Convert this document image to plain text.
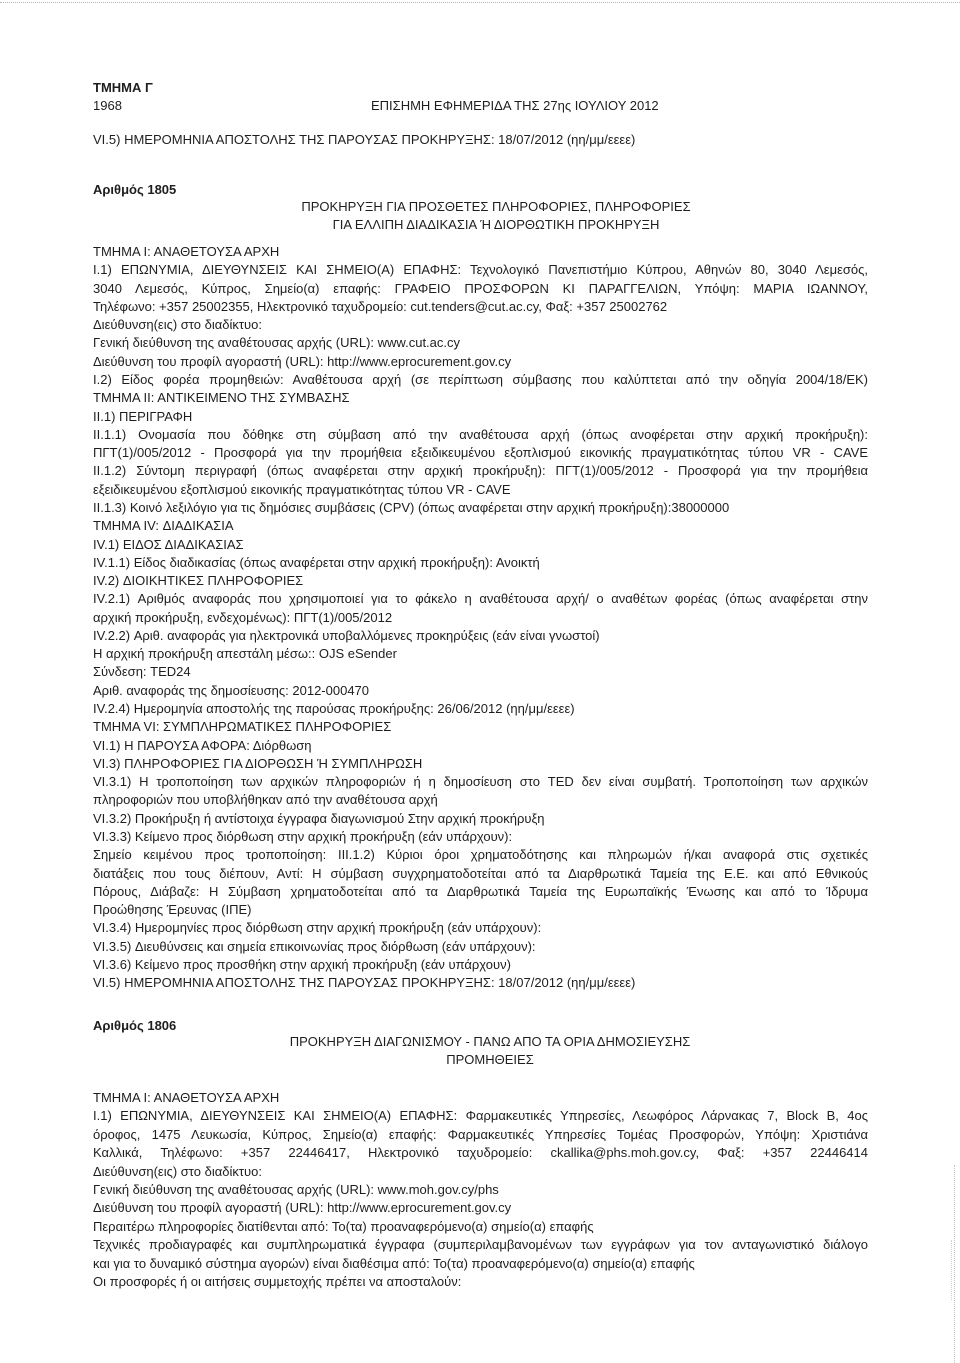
ΤΜΗΜΑ Γ
1968	ΕΠΙΣΗΜΗ ΕΦΗΜΕΡΙΔΑ ΤΗΣ 27ης ΙΟΥΛΙΟΥ 2012
VI.5) ΗΜΕΡΟΜΗΝΙΑ ΑΠΟΣΤΟΛΗΣ ΤΗΣ ΠΑΡΟΥΣΑΣ ΠΡΟΚΗΡΥΞΗΣ: 18/07/2012 (ηη/μμ/εεεε)
Αριθμός 1805
ΠΡΟΚΗΡΥΞΗ ΓΙΑ ΠΡΟΣΘΕΤΕΣ ΠΛΗΡΟΦΟΡΙΕΣ, ΠΛΗΡΟΦΟΡΙΕΣ
ΓΙΑ ΕΛΛΙΠΗ ΔΙΑΔΙΚΑΣΙΑ Ή ΔΙΟΡΘΩΤΙΚΗ ΠΡΟΚΗΡΥΞΗ
ΤΜΗΜΑ Ι: ΑΝΑΘΕΤΟΥΣΑ ΑΡΧΗ
Ι.1) ΕΠΩΝΥΜΙΑ, ΔΙΕΥΘΥΝΣΕΙΣ ΚΑΙ ΣΗΜΕΙΟ(Α) ΕΠΑΦΗΣ: Τεχνολογικό Πανεπιστήμιο Κύπρου, Αθηνών 80, 3040 Λεμεσός,
3040 Λεμεσός, Κύπρος, Σημείο(α) επαφής: ΓΡΑΦΕΙΟ ΠΡΟΣΦΟΡΩΝ ΚΙ ΠΑΡΑΓΓΕΛΙΩΝ, Υπόψη: ΜΑΡΙΑ ΙΩΑΝΝΟΥ,
Τηλέφωνο: +357 25002355, Ηλεκτρονικό ταχυδρομείο: cut.tenders@cut.ac.cy, Φαξ: +357 25002762
Διεύθυνση(εις) στο διαδίκτυο:
Γενική διεύθυνση της αναθέτουσας αρχής (URL): www.cut.ac.cy
Διεύθυνση του προφίλ αγοραστή (URL): http://www.eprocurement.gov.cy
Ι.2) Είδος φορέα προμηθειών: Αναθέτουσα αρχή (σε περίπτωση σύμβασης που καλύπτεται από την οδηγία 2004/18/ΕΚ)
ΤΜΗΜΑ ΙΙ: ΑΝΤΙΚΕΙΜΕΝΟ ΤΗΣ ΣΥΜΒΑΣΗΣ
ΙΙ.1) ΠΕΡΙΓΡΑΦΗ
ΙΙ.1.1) Ονομασία που δόθηκε στη σύμβαση από την αναθέτουσα αρχή (όπως ανοφέρεται στην αρχική προκήρυξη):
ΠΓΤ(1)/005/2012 - Προσφορά για την προμήθεια εξειδικευμένου εξοπλισμού εικονικής πραγματικότητας τύπου VR - CAVE
ΙΙ.1.2) Σύντομη περιγραφή (όπως αναφέρεται στην αρχική προκήρυξη): ΠΓΤ(1)/005/2012 - Προσφορά για την προμήθεια
εξειδικευμένου εξοπλισμού εικονικής πραγματικότητας τύπου VR - CAVE
ΙΙ.1.3) Κοινό λεξιλόγιο για τις δημόσιες συμβάσεις (CPV) (όπως αναφέρεται στην αρχική προκήρυξη):38000000
ΤΜΗΜΑ IV: ΔΙΑΔΙΚΑΣΙΑ
IV.1) ΕΙΔΟΣ ΔΙΑΔΙΚΑΣΙΑΣ
IV.1.1) Είδος διαδικασίας (όπως αναφέρεται στην αρχική προκήρυξη): Ανοικτή
IV.2) ΔΙΟΙΚΗΤΙΚΕΣ ΠΛΗΡΟΦΟΡΙΕΣ
IV.2.1) Αριθμός αναφοράς που χρησιμοποιεί για το φάκελο η αναθέτουσα αρχή/ ο αναθέτων φορέας (όπως αναφέρεται στην
αρχική προκήρυξη, ενδεχομένως): ΠΓΤ(1)/005/2012
IV.2.2) Αριθ. αναφοράς για ηλεκτρονικά υποβαλλόμενες προκηρύξεις (εάν είναι γνωστοί)
Η αρχική προκήρυξη απεστάλη μέσω:: OJS eSender
Σύνδεση: TED24
Αριθ. αναφοράς της δημοσίευσης: 2012-000470
IV.2.4) Ημερομηνία αποστολής της παρούσας προκήρυξης: 26/06/2012 (ηη/μμ/εεεε)
ΤΜΗΜΑ VI: ΣΥΜΠΛΗΡΩΜΑΤΙΚΕΣ ΠΛΗΡΟΦΟΡΙΕΣ
VI.1) Η ΠΑΡΟΥΣΑ ΑΦΟΡΑ: Διόρθωση
VI.3) ΠΛΗΡΟΦΟΡΙΕΣ ΓΙΑ ΔΙΟΡΘΩΣΗ Ή ΣΥΜΠΛΗΡΩΣΗ
VI.3.1) Η τροποποίηση των αρχικών πληροφοριών ή η δημοσίευση στο TED δεν είναι συμβατή. Τροποποίηση των αρχικών
πληροφοριών που υποβλήθηκαν από την αναθέτουσα αρχή
VI.3.2) Προκήρυξη ή αντίστοιχα έγγραφα διαγωνισμού Στην αρχική προκήρυξη
VI.3.3) Κείμενο προς διόρθωση στην αρχική προκήρυξη (εάν υπάρχουν):
Σημείο κειμένου προς τροποποίηση: III.1.2) Κύριοι όροι χρηματοδότησης και πληρωμών ή/και αναφορά στις σχετικές
διατάξεις που τους διέπουν, Αντί: Η σύμβαση συγχρηματοδοτείται από τα Διαρθρωτικά Ταμεία της Ε.Ε. και από Εθνικούς
Πόρους, Διάβαζε: Η Σύμβαση χρηματοδοτείται από τα Διαρθρωτικά Ταμεία της Ευρωπαϊκής Ένωσης και από το Ίδρυμα
Προώθησης Έρευνας (ΙΠΕ)
VI.3.4) Ημερομηνίες προς διόρθωση στην αρχική προκήρυξη (εάν υπάρχουν):
VI.3.5) Διευθύνσεις και σημεία επικοινωνίας προς διόρθωση (εάν υπάρχουν):
VI.3.6) Κείμενο προς προσθήκη στην αρχική προκήρυξη (εάν υπάρχουν)
VI.5) ΗΜΕΡΟΜΗΝΙΑ ΑΠΟΣΤΟΛΗΣ ΤΗΣ ΠΑΡΟΥΣΑΣ ΠΡΟΚΗΡΥΞΗΣ: 18/07/2012 (ηη/μμ/εεεε)
Αριθμός 1806
ΠΡΟΚΗΡΥΞΗ ΔΙΑΓΩΝΙΣΜΟΥ - ΠΑΝΩ ΑΠΟ ΤΑ ΟΡΙΑ ΔΗΜΟΣΙΕΥΣΗΣ
ΠΡΟΜΗΘΕΙΕΣ
ΤΜΗΜΑ Ι: ΑΝΑΘΕΤΟΥΣΑ ΑΡΧΗ
Ι.1) ΕΠΩΝΥΜΙΑ, ΔΙΕΥΘΥΝΣΕΙΣ ΚΑΙ ΣΗΜΕΙΟ(Α) ΕΠΑΦΗΣ: Φαρμακευτικές Υπηρεσίες, Λεωφόρος Λάρνακας 7, Block Β, 4ος
όροφος, 1475 Λευκωσία, Κύπρος, Σημείο(α) επαφής: Φαρμακευτικές Υπηρεσίες Τομέας Προσφορών, Υπόψη: Χριστιάνα
Καλλικά, Τηλέφωνο: +357 22446417, Ηλεκτρονικό ταχυδρομείο: ckallika@phs.moh.gov.cy, Φαξ: +357 22446414
Διεύθυνση(εις) στο διαδίκτυο:
Γενική διεύθυνση της αναθέτουσας αρχής (URL): www.moh.gov.cy/phs
Διεύθυνση του προφίλ αγοραστή (URL): http://www.eprocurement.gov.cy
Περαιτέρω πληροφορίες διατίθενται από: Το(τα) προαναφερόμενο(α) σημείο(α) επαφής
Τεχνικές προδιαγραφές και συμπληρωματικά έγγραφα (συμπεριλαμβανομένων των εγγράφων για τον ανταγωνιστικό διάλογο
και για το δυναμικό σύστημα αγορών) είναι διαθέσιμα από: Το(τα) προαναφερόμενο(α) σημείο(α) επαφής
Οι προσφορές ή οι αιτήσεις συμμετοχής πρέπει να αποσταλούν:
